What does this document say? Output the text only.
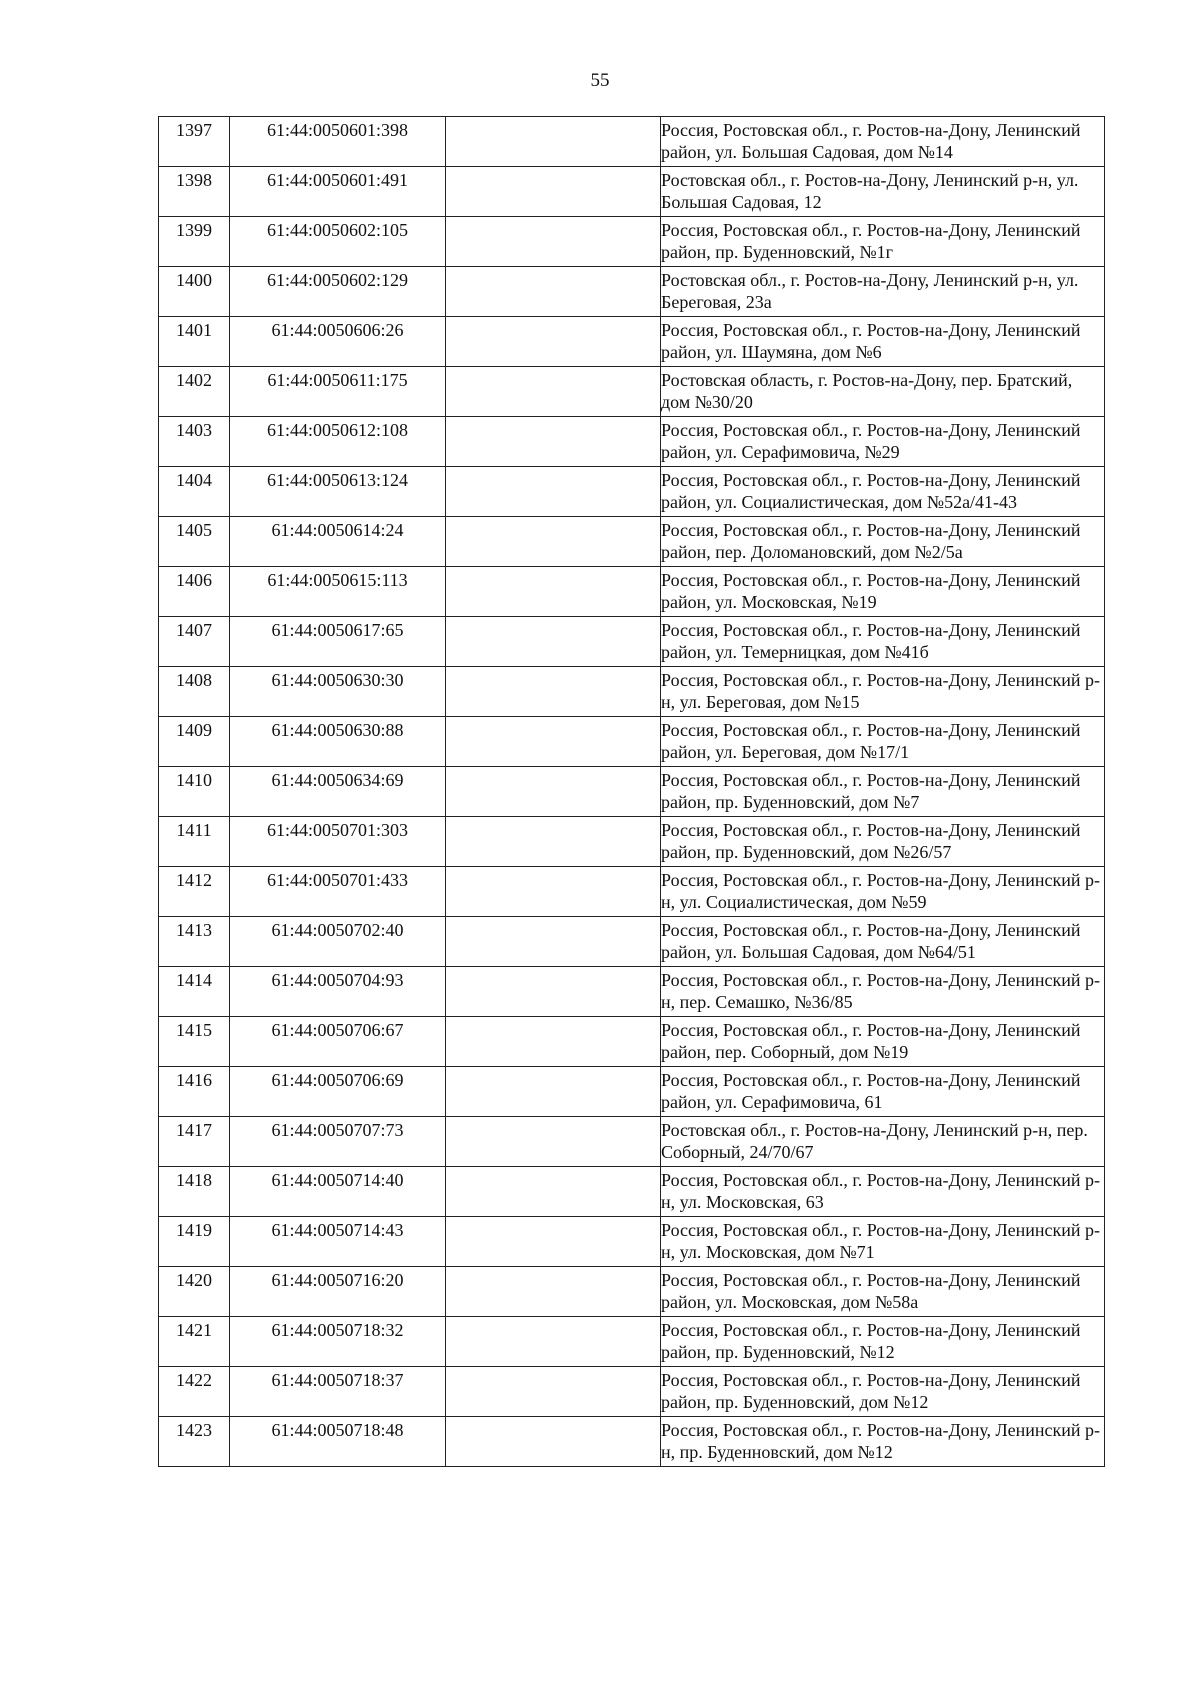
55
1397	61:44:0050601:398		Россия, Ростовская обл., г. Ростов-на-Дону, Ленинский район, ул. Большая Садовая, дом №14
1398	61:44:0050601:491		Ростовская обл., г. Ростов-на-Дону, Ленинский р-н, ул. Большая Садовая, 12
1399	61:44:0050602:105		Россия, Ростовская обл., г. Ростов-на-Дону, Ленинский район, пр. Буденновский, №1г
1400	61:44:0050602:129		Ростовская обл., г. Ростов-на-Дону, Ленинский р-н, ул. Береговая, 23а
1401	61:44:0050606:26		Россия, Ростовская обл., г. Ростов-на-Дону, Ленинский район, ул. Шаумяна, дом №6
1402	61:44:0050611:175		Ростовская область, г. Ростов-на-Дону, пер. Братский, дом №30/20
1403	61:44:0050612:108		Россия, Ростовская обл., г. Ростов-на-Дону, Ленинский район, ул. Серафимовича, №29
1404	61:44:0050613:124		Россия, Ростовская обл., г. Ростов-на-Дону, Ленинский район, ул. Социалистическая, дом №52а/41-43
1405	61:44:0050614:24		Россия, Ростовская обл., г. Ростов-на-Дону, Ленинский район, пер. Доломановский, дом №2/5а
1406	61:44:0050615:113		Россия, Ростовская обл., г. Ростов-на-Дону, Ленинский район, ул. Московская, №19
1407	61:44:0050617:65		Россия, Ростовская обл., г. Ростов-на-Дону, Ленинский район, ул. Темерницкая, дом №41б
1408	61:44:0050630:30		Россия, Ростовская обл., г. Ростов-на-Дону, Ленинский р-н, ул. Береговая, дом №15
1409	61:44:0050630:88		Россия, Ростовская обл., г. Ростов-на-Дону, Ленинский район, ул. Береговая, дом №17/1
1410	61:44:0050634:69		Россия, Ростовская обл., г. Ростов-на-Дону, Ленинский район, пр. Буденновский, дом №7
1411	61:44:0050701:303		Россия, Ростовская обл., г. Ростов-на-Дону, Ленинский район, пр. Буденновский, дом №26/57
1412	61:44:0050701:433		Россия, Ростовская обл., г. Ростов-на-Дону, Ленинский р-н, ул. Социалистическая, дом №59
1413	61:44:0050702:40		Россия, Ростовская обл., г. Ростов-на-Дону, Ленинский район, ул. Большая Садовая, дом №64/51
1414	61:44:0050704:93		Россия, Ростовская обл., г. Ростов-на-Дону, Ленинский р-н, пер. Семашко, №36/85
1415	61:44:0050706:67		Россия, Ростовская обл., г. Ростов-на-Дону, Ленинский район, пер. Соборный, дом №19
1416	61:44:0050706:69		Россия, Ростовская обл., г. Ростов-на-Дону, Ленинский район, ул. Серафимовича, 61
1417	61:44:0050707:73		Ростовская обл., г. Ростов-на-Дону, Ленинский р-н, пер. Соборный, 24/70/67
1418	61:44:0050714:40		Россия, Ростовская обл., г. Ростов-на-Дону, Ленинский р-н, ул. Московская, 63
1419	61:44:0050714:43		Россия, Ростовская обл., г. Ростов-на-Дону, Ленинский р-н, ул. Московская, дом №71
1420	61:44:0050716:20		Россия, Ростовская обл., г. Ростов-на-Дону, Ленинский район, ул. Московская, дом №58а
1421	61:44:0050718:32		Россия, Ростовская обл., г. Ростов-на-Дону, Ленинский район, пр. Буденновский, №12
1422	61:44:0050718:37		Россия, Ростовская обл., г. Ростов-на-Дону, Ленинский район, пр. Буденновский, дом №12
1423	61:44:0050718:48		Россия, Ростовская обл., г. Ростов-на-Дону, Ленинский р-н, пр. Буденновский, дом №12
